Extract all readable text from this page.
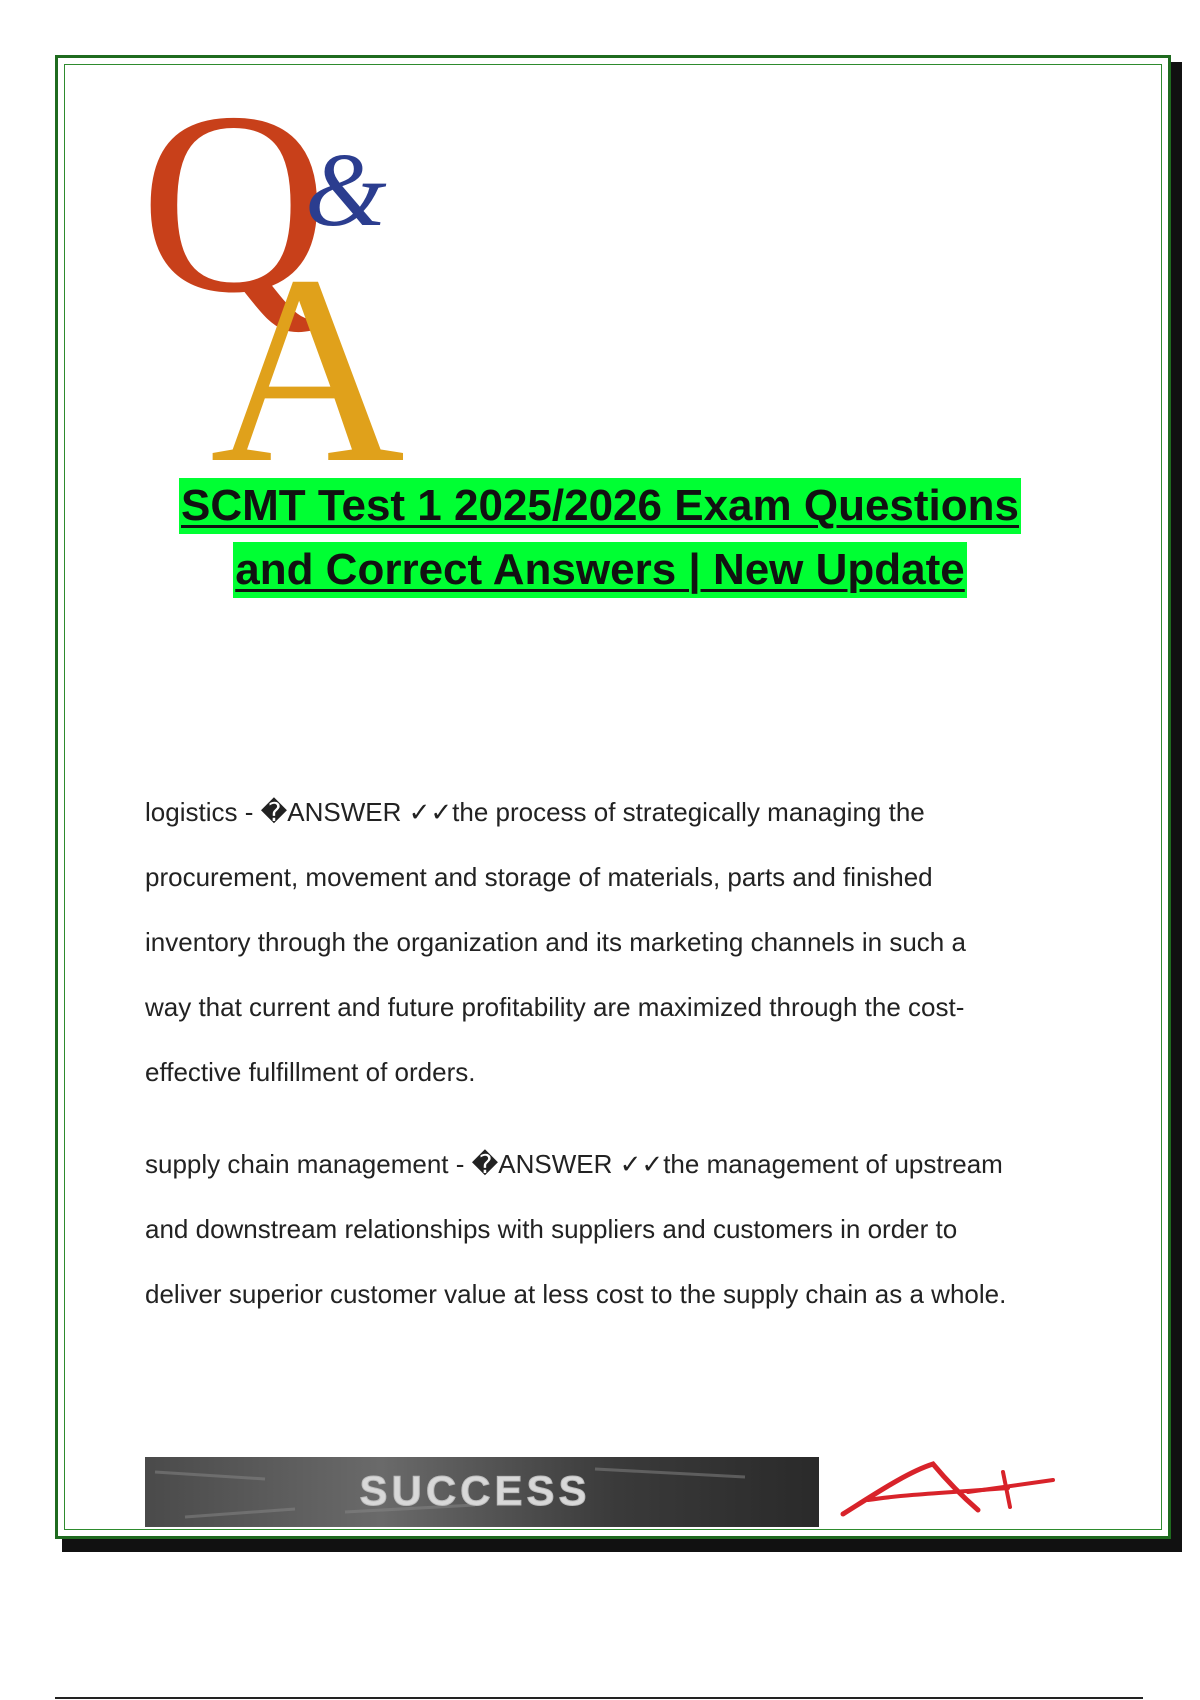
Q
&
A
SCMT Test 1 2025/2026 Exam Questions
and Correct Answers | New Update
logistics - �ANSWER ✓✓the process of strategically managing the
procurement, movement and storage of materials, parts and finished
inventory through the organization and its marketing channels in such a
way that current and future profitability are maximized through the cost-
effective fulfillment of orders.
supply chain management - �ANSWER ✓✓the management of upstream
and downstream relationships with suppliers and customers in order to
deliver superior customer value at less cost to the supply chain as a whole.
SUCCESS
A+
